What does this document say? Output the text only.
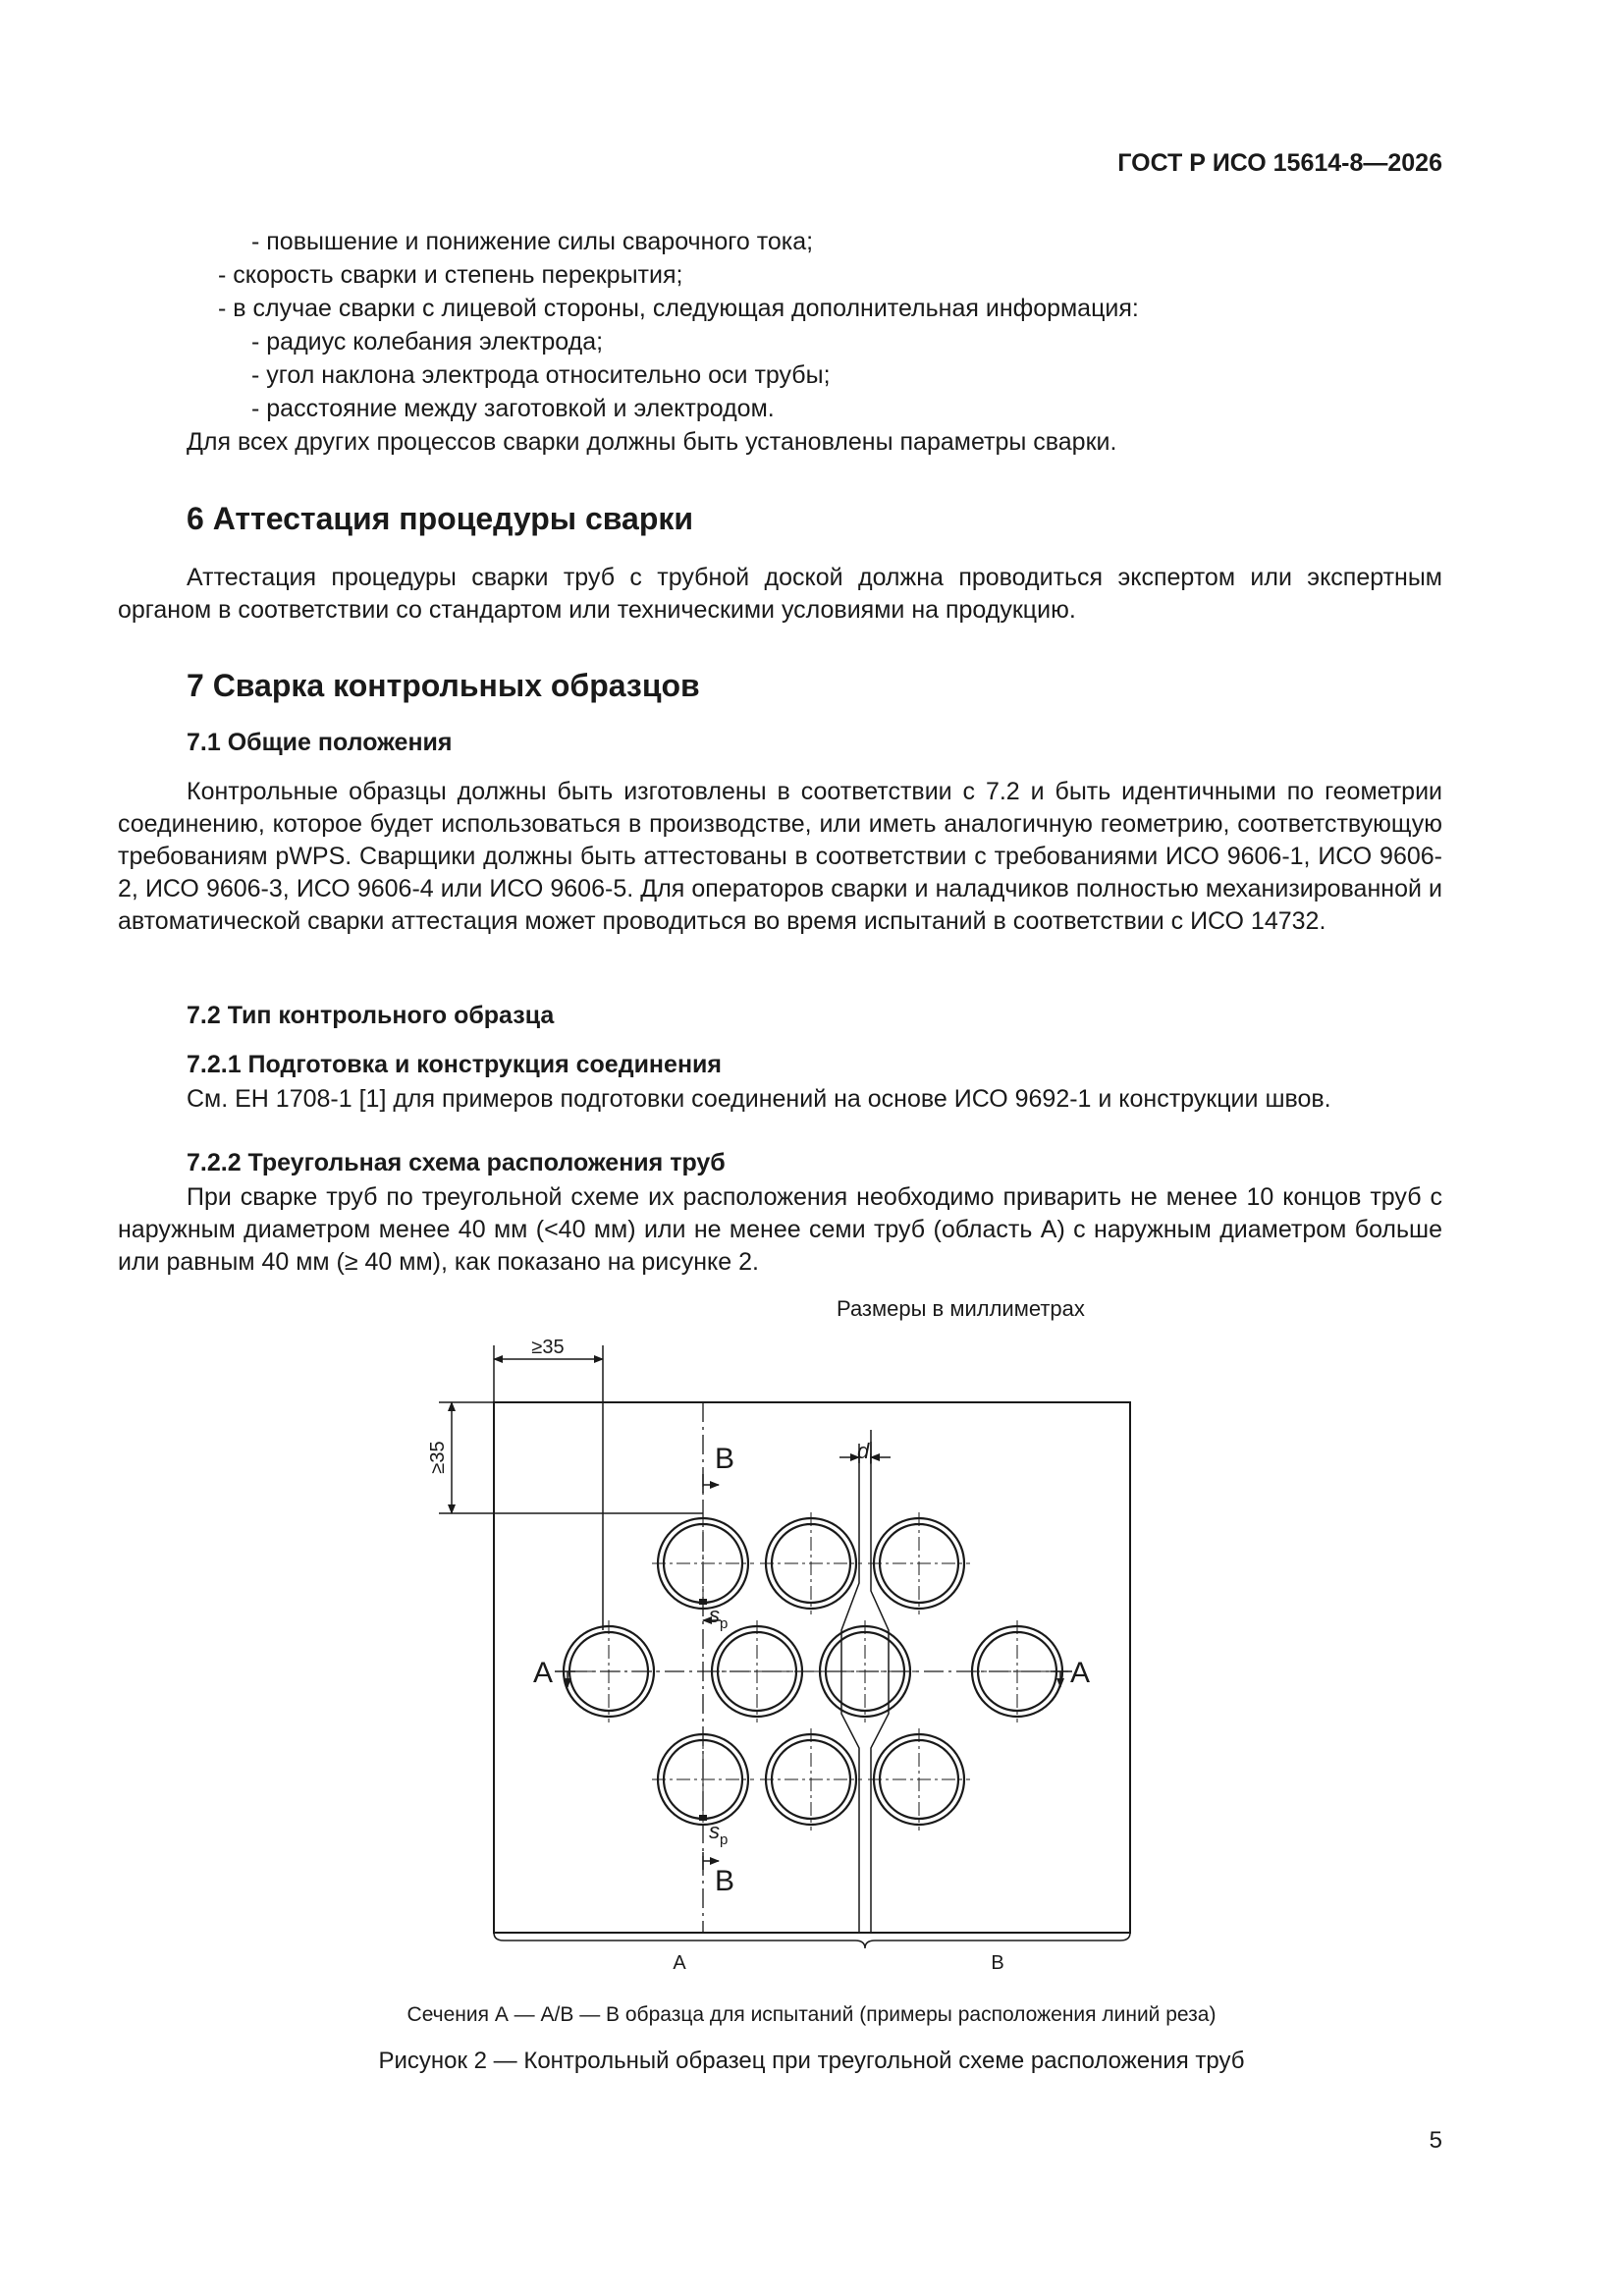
ГОСТ Р ИСО 15614-8—2026
- повышение и понижение силы сварочного тока;
- скорость сварки и степень перекрытия;
- в случае сварки с лицевой стороны, следующая дополнительная информация:
- радиус колебания электрода;
- угол наклона электрода относительно оси трубы;
- расстояние между заготовкой и электродом.
Для всех других процессов сварки должны быть установлены параметры сварки.
6 Аттестация процедуры сварки
Аттестация процедуры сварки труб с трубной доской должна проводиться экспертом или экспертным органом в соответствии со стандартом или техническими условиями на продукцию.
7 Сварка контрольных образцов
7.1 Общие положения
Контрольные образцы должны быть изготовлены в соответствии с 7.2 и быть идентичными по геометрии соединению, которое будет использоваться в производстве, или иметь аналогичную геометрию, соответствующую требованиям pWPS. Сварщики должны быть аттестованы в соответствии с требованиями ИСО 9606-1, ИСО 9606-2, ИСО 9606-3, ИСО 9606-4 или ИСО 9606-5. Для операторов сварки и наладчиков полностью механизированной и автоматической сварки аттестация может проводиться во время испытаний в соответствии с ИСО 14732.
7.2 Тип контрольного образца
7.2.1 Подготовка и конструкция соединения
См. ЕН 1708-1 [1] для примеров подготовки соединений на основе ИСО 9692-1 и конструкции швов.
7.2.2 Треугольная схема расположения труб
При сварке труб по треугольной схеме их расположения необходимо приварить не менее 10 концов труб с наружным диаметром менее 40 мм (<40 мм) или не менее семи труб (область А) с наружным диаметром больше или равным 40 мм (≥ 40 мм), как показано на рисунке 2.
Размеры в миллиметрах
≥35
≥35	B
B
A	A
$d_l$
$s_p$
$s_p$
A	B
Сечения А — А/В — В образца для испытаний (примеры расположения линий реза)
Рисунок 2 — Контрольный образец при треугольной схеме расположения труб
5
